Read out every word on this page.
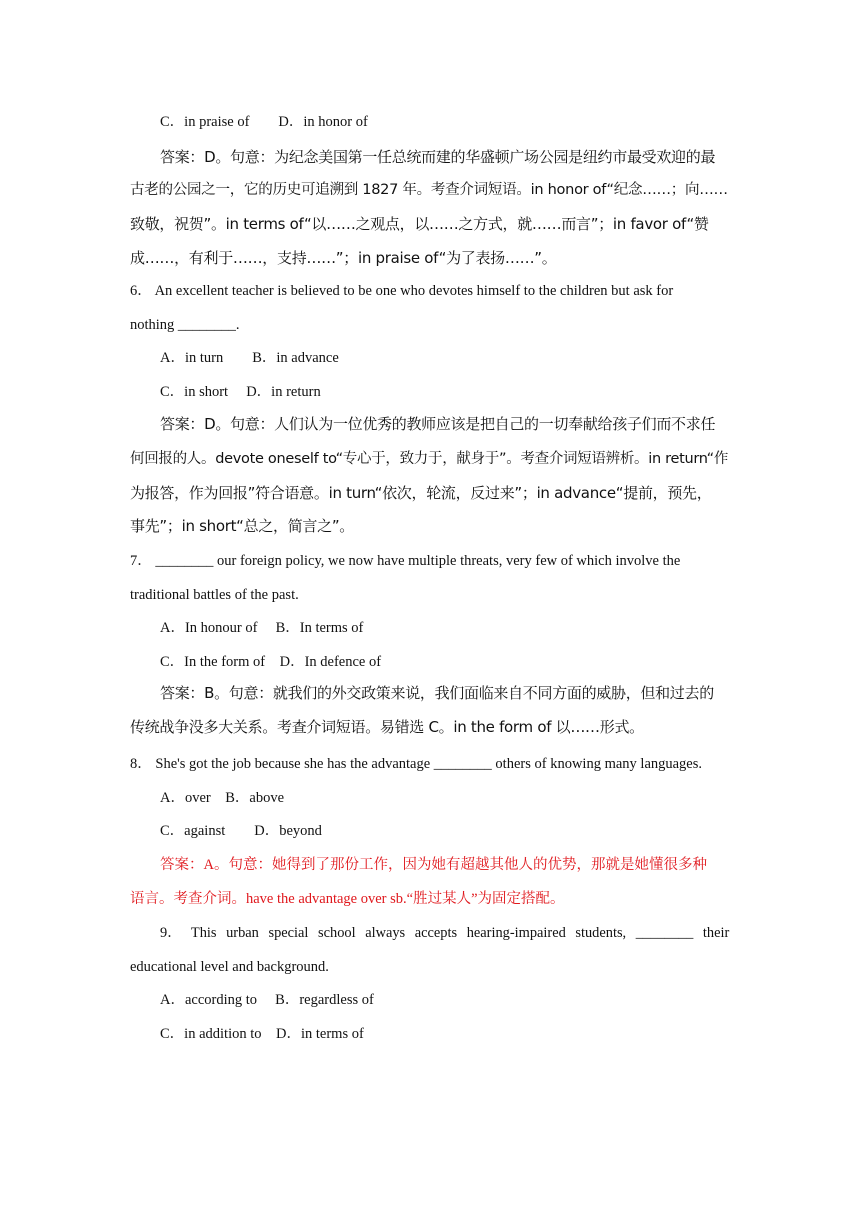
C．in praise of　　D．in honor of
答案：D。句意：为纪念美国第一任总统而建的华盛顿广场公园是纽约市最受欢迎的最
古老的公园之一，它的历史可追溯到 1827 年。考查介词短语。in honor of“纪念……；向……
致敬，祝贺”。in terms of“以……之观点，以……之方式，就……而言”；in favor of“赞
成……，有利于……，支持……”；in praise of“为了表扬……”。
6． An excellent teacher is believed to be one who devotes himself to the children but ask for
nothing ________.
A．in turn　　B．in advance
C．in short　 D．in return
答案：D。句意：人们认为一位优秀的教师应该是把自己的一切奉献给孩子们而不求任
何回报的人。devote oneself to“专心于，致力于，献身于”。考查介词短语辨析。in return“作
为报答，作为回报”符合语意。in turn“依次，轮流，反过来”；in advance“提前，预先，
事先”；in short“总之，简言之”。
7． ________ our foreign policy, we now have multiple threats, very few of which involve the
traditional battles of the past.
A．In honour of　 B．In terms of
C．In the form of　D．In defence of
答案：B。句意：就我们的外交政策来说，我们面临来自不同方面的威胁，但和过去的
传统战争没多大关系。考查介词短语。易错选 C。in the form of 以……形式。
8． She's got the job because she has the advantage ________ others of knowing many languages.
A．over　B．above
C．against　　D．beyond
答案：A。句意：她得到了那份工作，因为她有超越其他人的优势，那就是她懂很多种
语言。考查介词。have the advantage over sb.“胜过某人”为固定搭配。
9． This urban special school always accepts hearing-impaired students, ________ their
educational level and background.
A．according to　 B．regardless of
C．in addition to　D．in terms of
